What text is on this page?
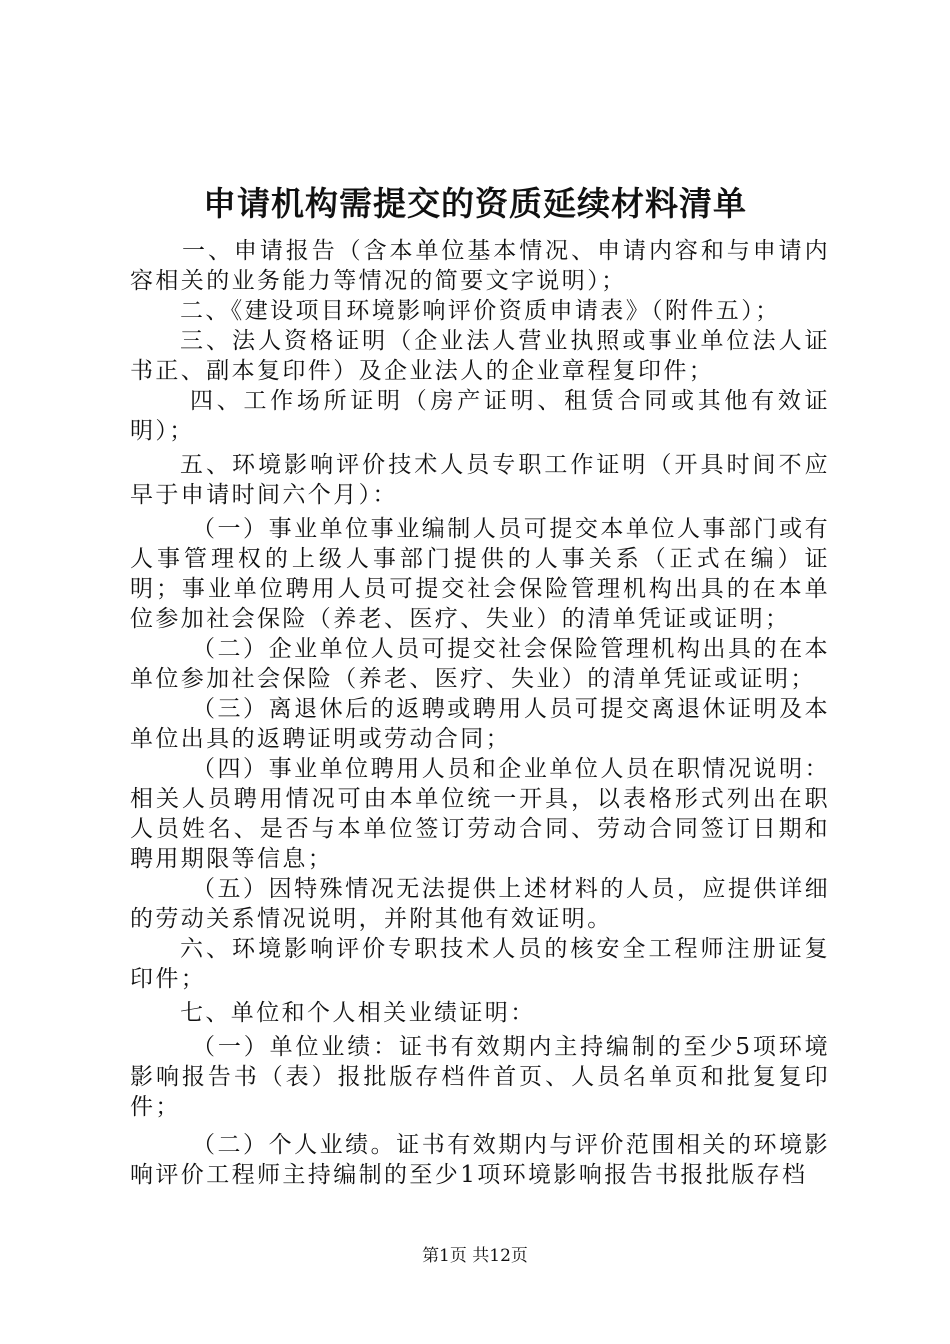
申请机构需提交的资质延续材料清单

一、申请报告（含本单位基本情况、申请内容和与申请内容相关的业务能力等情况的简要文字说明）；

二、《建设项目环境影响评价资质申请表》（附件五）；

三、法人资格证明（企业法人营业执照或事业单位法人证书正、副本复印件）及企业法人的企业章程复印件；

四、工作场所证明（房产证明、租赁合同或其他有效证明）；

五、环境影响评价技术人员专职工作证明（开具时间不应早于申请时间六个月）：

（一）事业单位事业编制人员可提交本单位人事部门或有人事管理权的上级人事部门提供的人事关系（正式在编）证明；事业单位聘用人员可提交社会保险管理机构出具的在本单位参加社会保险（养老、医疗、失业）的清单凭证或证明；

（二）企业单位人员可提交社会保险管理机构出具的在本单位参加社会保险（养老、医疗、失业）的清单凭证或证明；

（三）离退休后的返聘或聘用人员可提交离退休证明及本单位出具的返聘证明或劳动合同；

（四）事业单位聘用人员和企业单位人员在职情况说明：相关人员聘用情况可由本单位统一开具，以表格形式列出在职人员姓名、是否与本单位签订劳动合同、劳动合同签订日期和聘用期限等信息；

（五）因特殊情况无法提供上述材料的人员，应提供详细的劳动关系情况说明，并附其他有效证明。

六、环境影响评价专职技术人员的核安全工程师注册证复印件；

七、单位和个人相关业绩证明：

（一）单位业绩：证书有效期内主持编制的至少5项环境影响报告书（表）报批版存档件首页、人员名单页和批复复印件；

（二）个人业绩。证书有效期内与评价范围相关的环境影响评价工程师主持编制的至少1项环境影响报告书报批版存档

第1页 共12页
